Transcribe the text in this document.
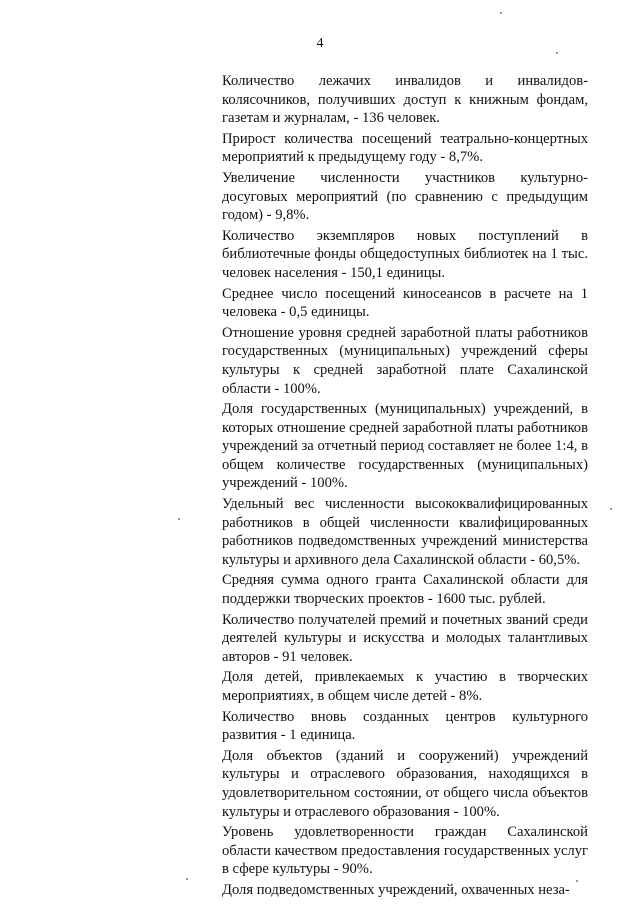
4

Количество лежачих инвалидов и инвалидов-колясочников, получивших доступ к книжным фондам, газетам и журналам, - 136 человек.

Прирост количества посещений театрально-концертных мероприятий к предыдущему году - 8,7%.

Увеличение численности участников культурно-досуговых мероприятий (по сравнению с предыдущим годом) - 9,8%.

Количество экземпляров новых поступлений в библиотечные фонды общедоступных библиотек на 1 тыс. человек населения - 150,1 единицы.

Среднее число посещений киносеансов в расчете на 1 человека - 0,5 единицы.

Отношение уровня средней заработной платы работников государственных (муниципальных) учреждений сферы культуры к средней заработной плате Сахалинской области - 100%.

Доля государственных (муниципальных) учреждений, в которых отношение средней заработной платы работников учреждений за отчетный период составляет не более 1:4, в общем количестве государственных (муниципальных) учреждений - 100%.

Удельный вес численности высококвалифицированных работников в общей численности квалифицированных работников подведомственных учреждений министерства культуры и архивного дела Сахалинской области - 60,5%.

Средняя сумма одного гранта Сахалинской области для поддержки творческих проектов - 1600 тыс. рублей.

Количество получателей премий и почетных званий среди деятелей культуры и искусства и молодых талантливых авторов - 91 человек.

Доля детей, привлекаемых к участию в творческих мероприятиях, в общем числе детей - 8%.

Количество вновь созданных центров культурного развития - 1 единица.

Доля объектов (зданий и сооружений) учреждений культуры и отраслевого образования, находящихся в удовлетворительном состоянии, от общего числа объектов культуры и отраслевого образования - 100%.

Уровень удовлетворенности граждан Сахалинской области качеством предоставления государственных услуг в сфере культуры - 90%.

Доля подведомственных учреждений, охваченных неза-
